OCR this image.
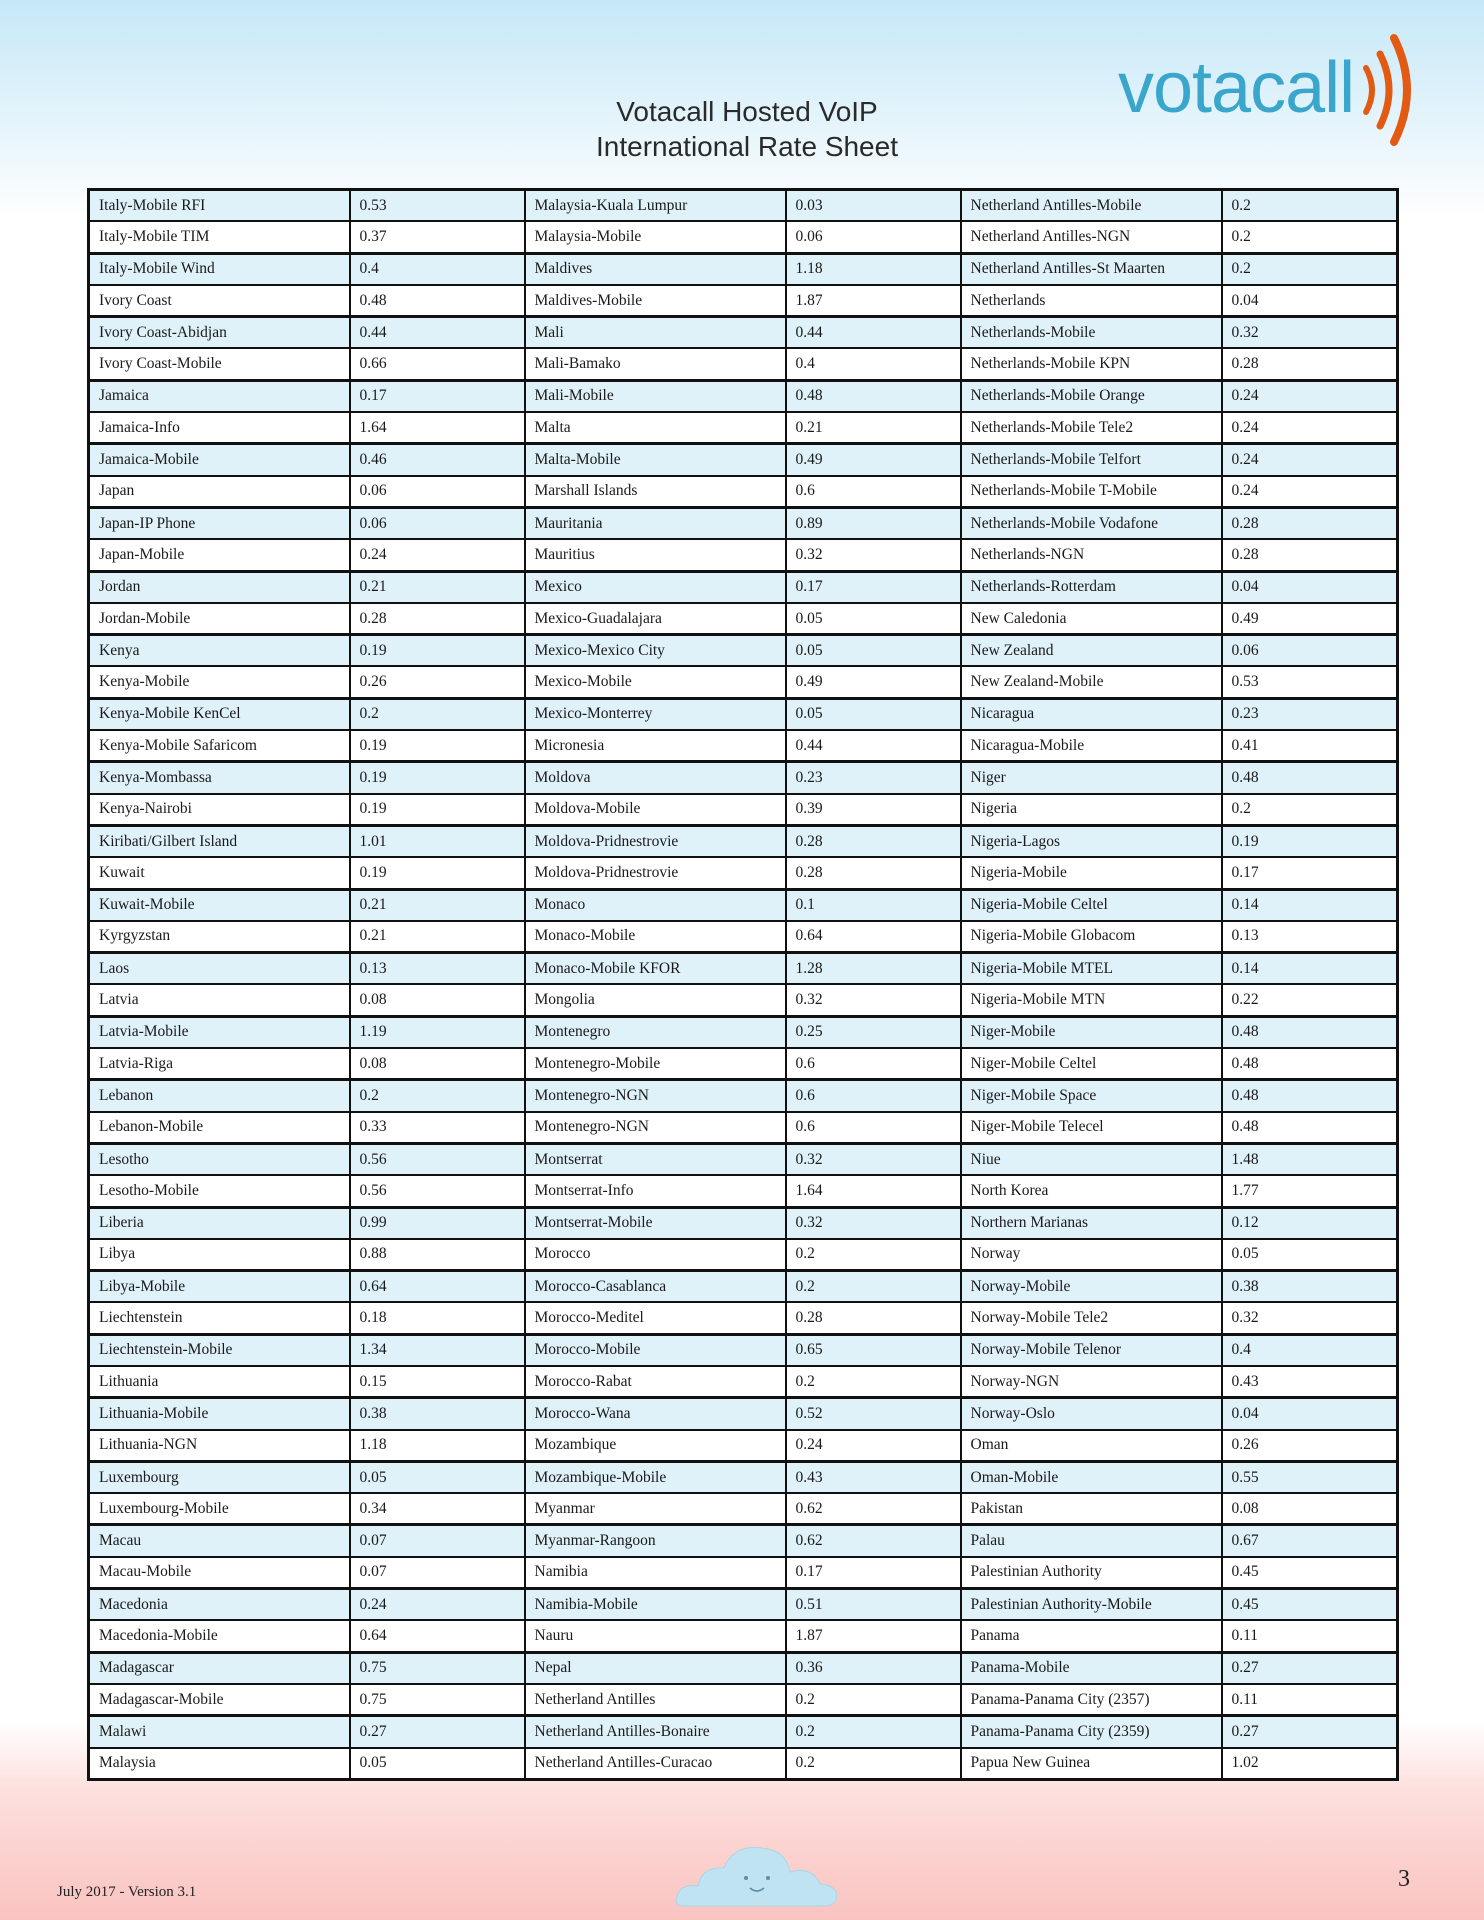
Votacall Hosted VoIP
International Rate Sheet
votacall
Italy-Mobile RFI	0.53	Malaysia-Kuala Lumpur	0.03	Netherland Antilles-Mobile	0.2
Italy-Mobile TIM	0.37	Malaysia-Mobile	0.06	Netherland Antilles-NGN	0.2
Italy-Mobile Wind	0.4	Maldives	1.18	Netherland Antilles-St Maarten	0.2
Ivory Coast	0.48	Maldives-Mobile	1.87	Netherlands	0.04
Ivory Coast-Abidjan	0.44	Mali	0.44	Netherlands-Mobile	0.32
Ivory Coast-Mobile	0.66	Mali-Bamako	0.4	Netherlands-Mobile KPN	0.28
Jamaica	0.17	Mali-Mobile	0.48	Netherlands-Mobile Orange	0.24
Jamaica-Info	1.64	Malta	0.21	Netherlands-Mobile Tele2	0.24
Jamaica-Mobile	0.46	Malta-Mobile	0.49	Netherlands-Mobile Telfort	0.24
Japan	0.06	Marshall Islands	0.6	Netherlands-Mobile T-Mobile	0.24
Japan-IP Phone	0.06	Mauritania	0.89	Netherlands-Mobile Vodafone	0.28
Japan-Mobile	0.24	Mauritius	0.32	Netherlands-NGN	0.28
Jordan	0.21	Mexico	0.17	Netherlands-Rotterdam	0.04
Jordan-Mobile	0.28	Mexico-Guadalajara	0.05	New Caledonia	0.49
Kenya	0.19	Mexico-Mexico City	0.05	New Zealand	0.06
Kenya-Mobile	0.26	Mexico-Mobile	0.49	New Zealand-Mobile	0.53
Kenya-Mobile KenCel	0.2	Mexico-Monterrey	0.05	Nicaragua	0.23
Kenya-Mobile Safaricom	0.19	Micronesia	0.44	Nicaragua-Mobile	0.41
Kenya-Mombassa	0.19	Moldova	0.23	Niger	0.48
Kenya-Nairobi	0.19	Moldova-Mobile	0.39	Nigeria	0.2
Kiribati/Gilbert Island	1.01	Moldova-Pridnestrovie	0.28	Nigeria-Lagos	0.19
Kuwait	0.19	Moldova-Pridnestrovie	0.28	Nigeria-Mobile	0.17
Kuwait-Mobile	0.21	Monaco	0.1	Nigeria-Mobile Celtel	0.14
Kyrgyzstan	0.21	Monaco-Mobile	0.64	Nigeria-Mobile Globacom	0.13
Laos	0.13	Monaco-Mobile KFOR	1.28	Nigeria-Mobile MTEL	0.14
Latvia	0.08	Mongolia	0.32	Nigeria-Mobile MTN	0.22
Latvia-Mobile	1.19	Montenegro	0.25	Niger-Mobile	0.48
Latvia-Riga	0.08	Montenegro-Mobile	0.6	Niger-Mobile Celtel	0.48
Lebanon	0.2	Montenegro-NGN	0.6	Niger-Mobile Space	0.48
Lebanon-Mobile	0.33	Montenegro-NGN	0.6	Niger-Mobile Telecel	0.48
Lesotho	0.56	Montserrat	0.32	Niue	1.48
Lesotho-Mobile	0.56	Montserrat-Info	1.64	North Korea	1.77
Liberia	0.99	Montserrat-Mobile	0.32	Northern Marianas	0.12
Libya	0.88	Morocco	0.2	Norway	0.05
Libya-Mobile	0.64	Morocco-Casablanca	0.2	Norway-Mobile	0.38
Liechtenstein	0.18	Morocco-Meditel	0.28	Norway-Mobile Tele2	0.32
Liechtenstein-Mobile	1.34	Morocco-Mobile	0.65	Norway-Mobile Telenor	0.4
Lithuania	0.15	Morocco-Rabat	0.2	Norway-NGN	0.43
Lithuania-Mobile	0.38	Morocco-Wana	0.52	Norway-Oslo	0.04
Lithuania-NGN	1.18	Mozambique	0.24	Oman	0.26
Luxembourg	0.05	Mozambique-Mobile	0.43	Oman-Mobile	0.55
Luxembourg-Mobile	0.34	Myanmar	0.62	Pakistan	0.08
Macau	0.07	Myanmar-Rangoon	0.62	Palau	0.67
Macau-Mobile	0.07	Namibia	0.17	Palestinian Authority	0.45
Macedonia	0.24	Namibia-Mobile	0.51	Palestinian Authority-Mobile	0.45
Macedonia-Mobile	0.64	Nauru	1.87	Panama	0.11
Madagascar	0.75	Nepal	0.36	Panama-Mobile	0.27
Madagascar-Mobile	0.75	Netherland Antilles	0.2	Panama-Panama City (2357)	0.11
Malawi	0.27	Netherland Antilles-Bonaire	0.2	Panama-Panama City (2359)	0.27
Malaysia	0.05	Netherland Antilles-Curacao	0.2	Papua New Guinea	1.02
July 2017 - Version 3.1	3
